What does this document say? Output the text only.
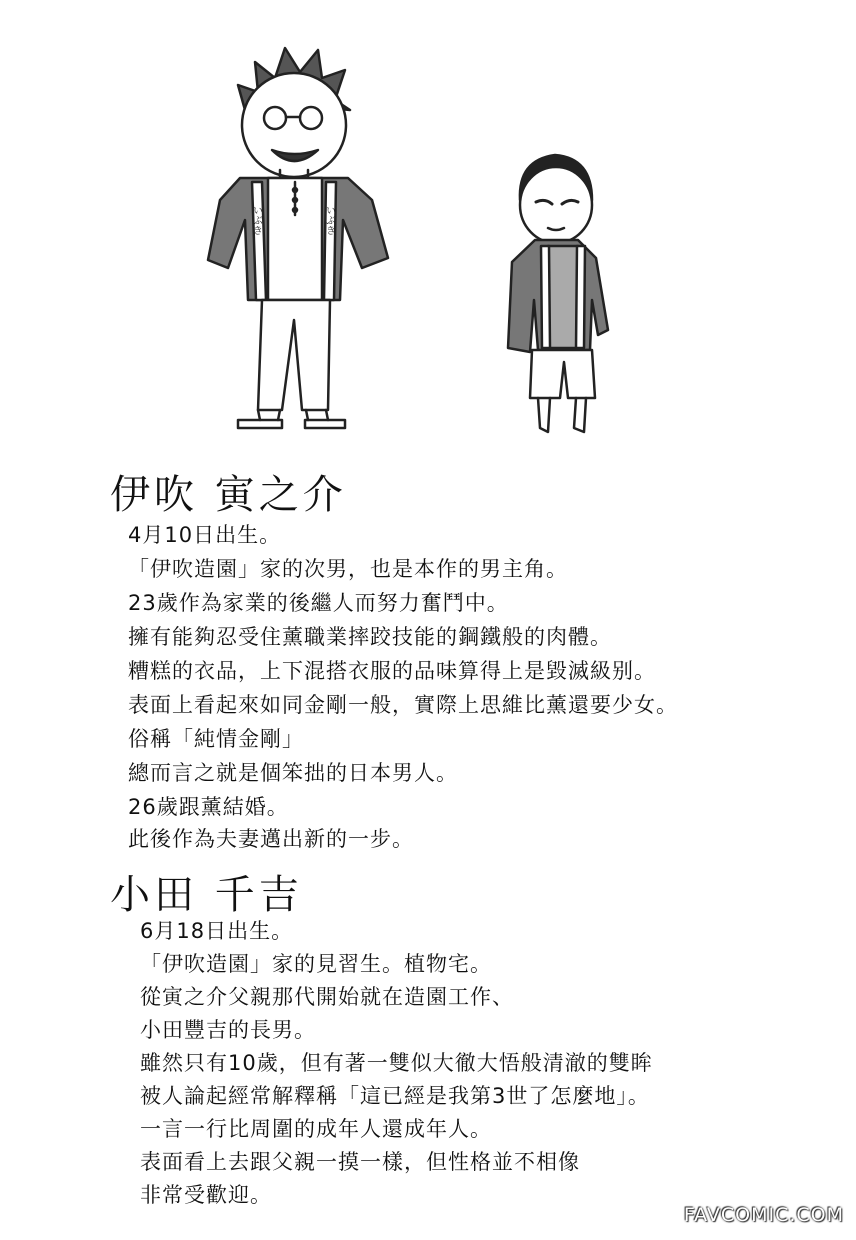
いぶき	いぶき
伊吹 寅之介
4月10日出生。
「伊吹造園」家的次男，也是本作的男主角。
23歲作為家業的後繼人而努力奮鬥中。
擁有能夠忍受住薰職業摔跤技能的鋼鐵般的肉體。
糟糕的衣品，上下混搭衣服的品味算得上是毀滅級别。
表面上看起來如同金剛一般，實際上思維比薰還要少女。
俗稱「純情金剛」
總而言之就是個笨拙的日本男人。
26歲跟薰結婚。
此後作為夫妻邁出新的一步。
小田 千吉
6月18日出生。
「伊吹造園」家的見習生。植物宅。
從寅之介父親那代開始就在造園工作、
小田豐吉的長男。
雖然只有10歲，但有著一雙似大徹大悟般清澈的雙眸
被人論起經常解釋稱「這已經是我第3世了怎麼地」。
一言一行比周圍的成年人還成年人。
表面看上去跟父親一摸一樣，但性格並不相像
非常受歡迎。
FAVCOMIC.COM
